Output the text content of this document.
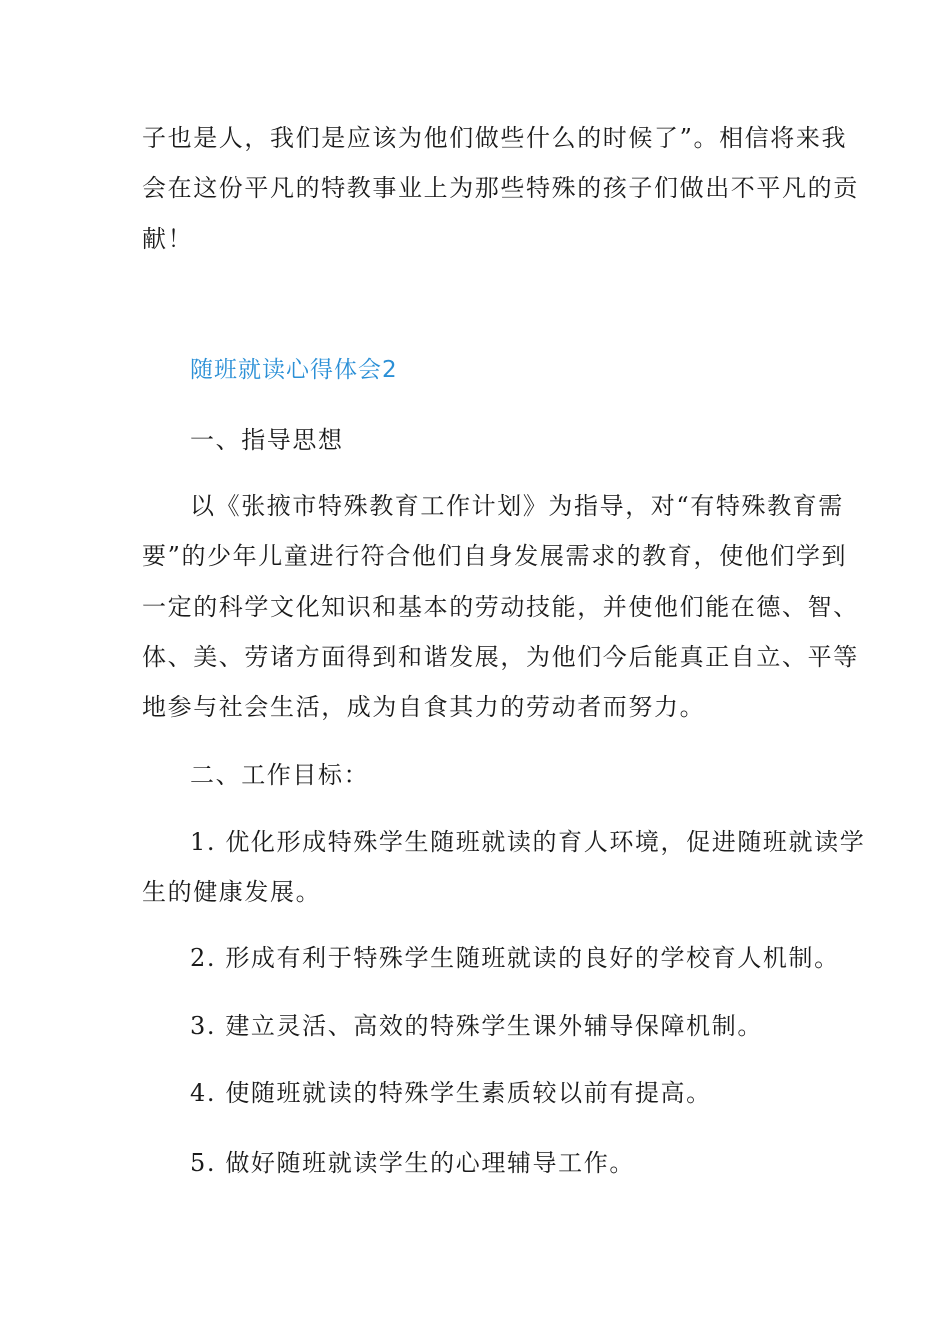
子也是人，我们是应该为他们做些什么的时候了”。相信将来我
会在这份平凡的特教事业上为那些特殊的孩子们做出不平凡的贡
献！
随班就读心得体会2
一、指导思想
以《张掖市特殊教育工作计划》为指导，对“有特殊教育需
要”的少年儿童进行符合他们自身发展需求的教育，使他们学到
一定的科学文化知识和基本的劳动技能，并使他们能在德、智、
体、美、劳诸方面得到和谐发展，为他们今后能真正自立、平等
地参与社会生活，成为自食其力的劳动者而努力。
二、工作目标：
1. 优化形成特殊学生随班就读的育人环境，促进随班就读学
生的健康发展。
2. 形成有利于特殊学生随班就读的良好的学校育人机制。
3. 建立灵活、高效的特殊学生课外辅导保障机制。
4. 使随班就读的特殊学生素质较以前有提高。
5. 做好随班就读学生的心理辅导工作。
